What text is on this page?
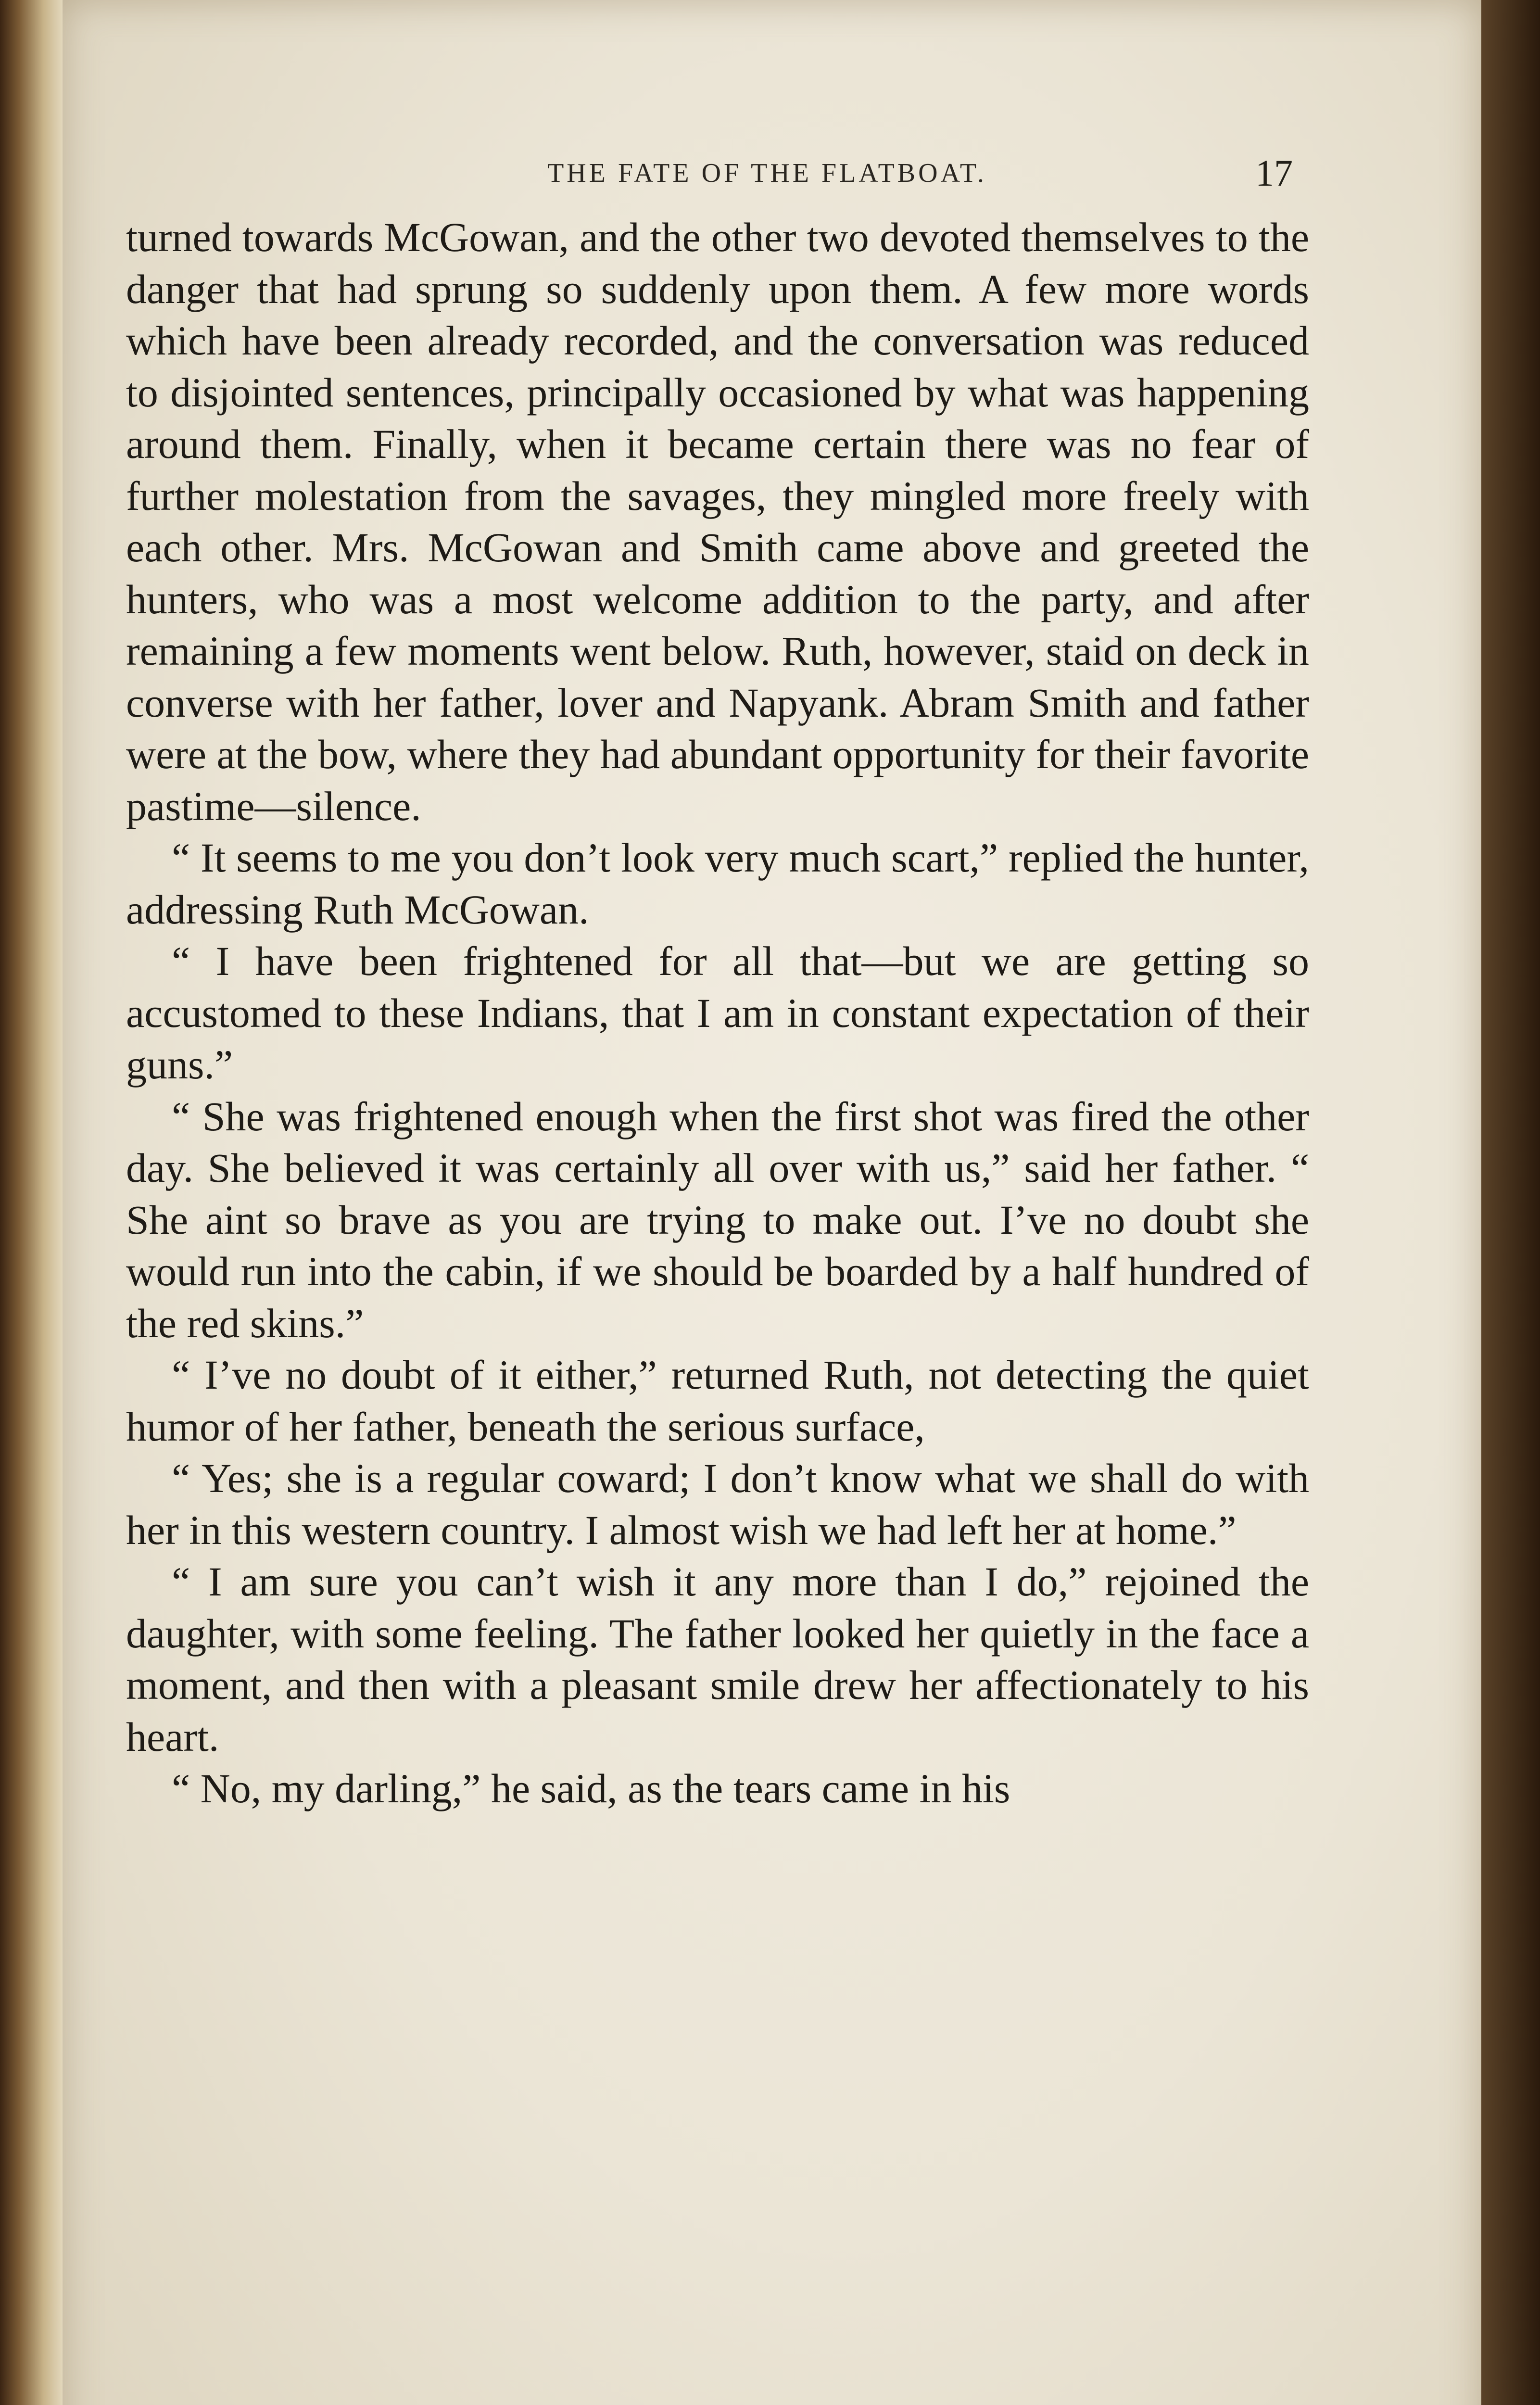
THE FATE OF THE FLATBOAT.	17

turned towards McGowan, and the other two devoted themselves to the danger that had sprung so suddenly upon them. A few more words which have been already recorded, and the conversation was reduced to disjointed sentences, principally occasioned by what was happening around them. Finally, when it became certain there was no fear of further molestation from the savages, they mingled more freely with each other. Mrs. McGowan and Smith came above and greeted the hunters, who was a most welcome addition to the party, and after remaining a few moments went below. Ruth, however, staid on deck in converse with her father, lover and Napyank. Abram Smith and father were at the bow, where they had abundant opportunity for their favorite pastime—silence.

“ It seems to me you don’t look very much scart,” replied the hunter, addressing Ruth McGowan.

“ I have been frightened for all that—but we are getting so accustomed to these Indians, that I am in constant expectation of their guns.”

“ She was frightened enough when the first shot was fired the other day. She believed it was certainly all over with us,” said her father. “ She aint so brave as you are trying to make out. I’ve no doubt she would run into the cabin, if we should be boarded by a half hundred of the red skins.”

“ I’ve no doubt of it either,” returned Ruth, not detecting the quiet humor of her father, beneath the serious surface,

“ Yes; she is a regular coward; I don’t know what we shall do with her in this western country. I almost wish we had left her at home.”

“ I am sure you can’t wish it any more than I do,” rejoined the daughter, with some feeling. The father looked her quietly in the face a moment, and then with a pleasant smile drew her affectionately to his heart.

“ No, my darling,” he said, as the tears came in his
